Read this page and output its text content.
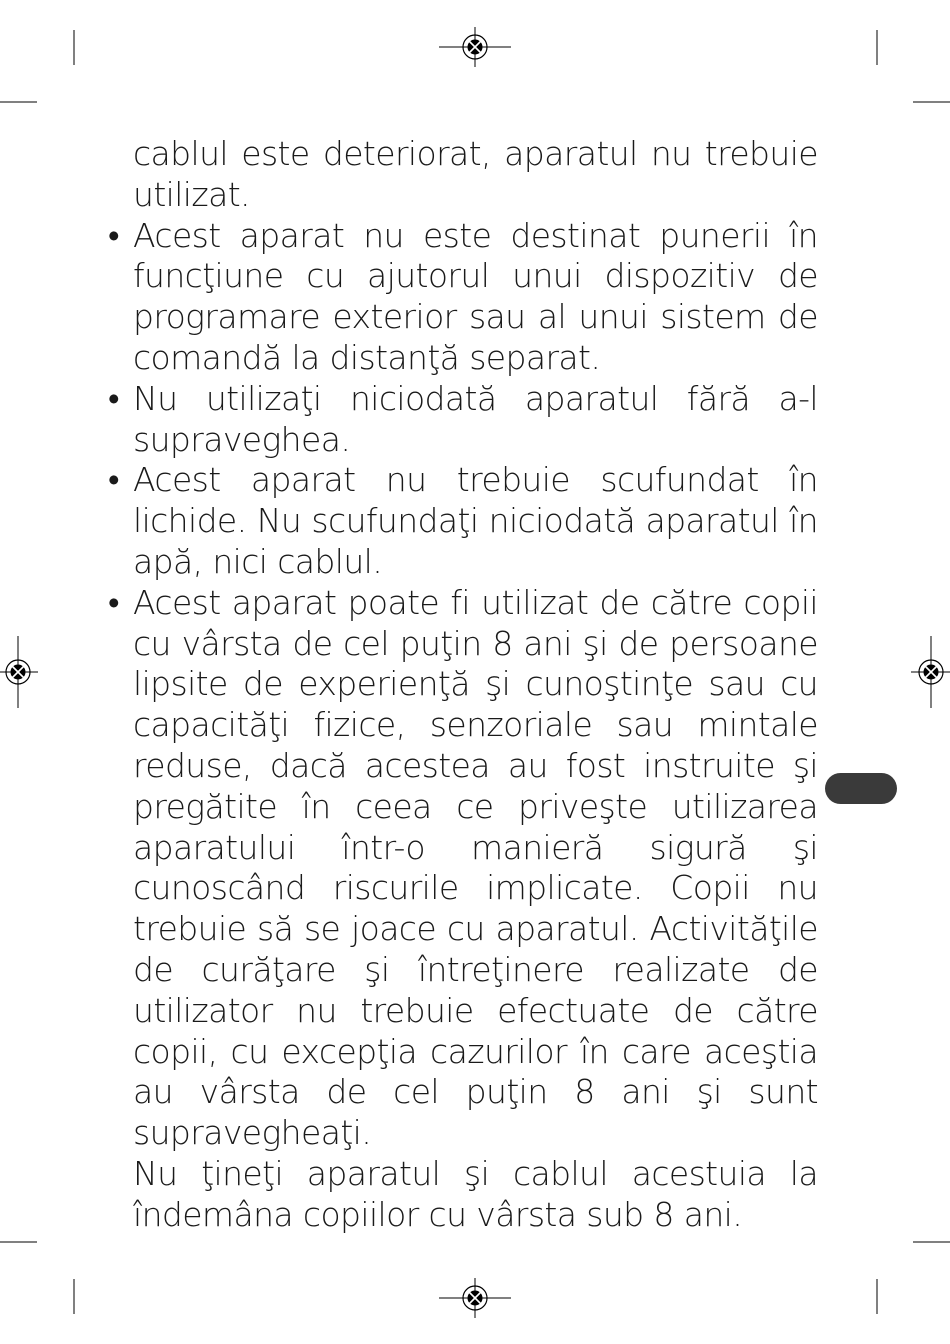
cablul este deteriorat, aparatul nu trebuie utilizat.
• Acest aparat nu este destinat punerii în funcţiune cu ajutorul unui dispozitiv de programare exterior sau al unui sistem de comandă la distanţă separat.
• Nu utilizaţi niciodată aparatul fără a-l supraveghea.
• Acest aparat nu trebuie scufundat în lichide. Nu scufundaţi niciodată aparatul în apă, nici cablul.
• Acest aparat poate fi utilizat de către copii cu vârsta de cel puţin 8 ani şi de persoane lipsite de experienţă şi cunoştinţe sau cu capacităţi fizice, senzoriale sau mintale reduse, dacă acestea au fost instruite şi pregătite în ceea ce priveşte utilizarea aparatului într-o manieră sigură şi cunoscând riscurile implicate. Copii nu trebuie să se joace cu aparatul. Activităţile de curăţare şi întreţinere realizate de utilizator nu trebuie efectuate de către copii, cu excepţia cazurilor în care aceştia au vârsta de cel puţin 8 ani şi sunt supravegheaţi.
Nu ţineţi aparatul şi cablul acestuia la îndemâna copiilor cu vârsta sub 8 ani.
